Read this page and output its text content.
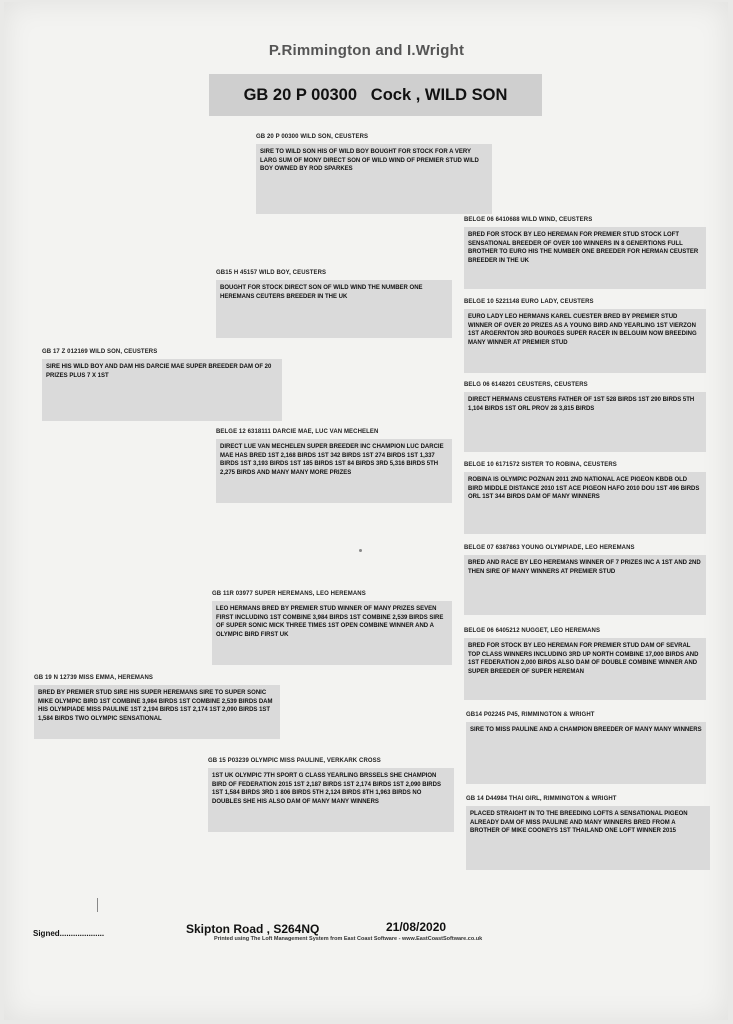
P.Rimmington and I.Wright
GB 20 P 00300   Cock , WILD SON
GB 20 P 00300 WILD SON, CEUSTERS
SIRE TO WILD SON HIS OF WILD BOY BOUGHT FOR STOCK FOR A VERY LARG SUM OF MONY DIRECT SON OF WILD WIND OF PREMIER STUD WILD BOY OWNED BY ROD SPARKES
GB 17 Z 012169 WILD SON, CEUSTERS
SIRE HIS WILD BOY AND DAM HIS DARCIE MAE SUPER BREEDER DAM OF 20 PRIZES PLUS 7 X 1ST
GB 19 N 12739 MISS EMMA, HEREMANS
BRED BY PREMIER STUD SIRE HIS SUPER HEREMANS SIRE TO SUPER SONIC MIKE OLYMPIC BIRD 1ST COMBINE 3,984 BIRDS 1ST COMBINE 2,539 BIRDS DAM HIS OLYMPIADE MISS PAULINE 1ST 2,194 BIRDS 1ST 2,174 1ST 2,090 BIRDS 1ST 1,584 BIRDS TWO OLYMPIC SENSATIONAL
GB15 H 45157 WILD BOY, CEUSTERS
BOUGHT FOR STOCK DIRECT SON OF WILD WIND THE NUMBER ONE HEREMANS CEUTERS BREEDER IN THE UK
BELGE 12 6318111 DARCIE MAE, LUC VAN MECHELEN
DIRECT LUE VAN MECHELEN SUPER BREEDER INC CHAMPION LUC DARCIE MAE HAS BRED 1ST 2,168 BIRDS 1ST 342 BIRDS 1ST 274 BIRDS 1ST 1,337 BIRDS 1ST 3,193 BIRDS 1ST 185 BIRDS 1ST 84 BIRDS 3RD 5,316 BIRDS 5TH 2,275 BIRDS AND MANY MANY MORE PRIZES
GB 11R 03977 SUPER HEREMANS, LEO HEREMANS
LEO HERMANS BRED BY PREMIER STUD WINNER OF MANY PRIZES SEVEN FIRST INCLUDING 1ST COMBINE 3,984 BIRDS 1ST COMBINE 2,539 BIRDS SIRE OF SUPER SONIC MICK THREE TIMES 1ST OPEN COMBINE WINNER AND A OLYMPIC BIRD FIRST UK
GB 15 P03239 OLYMPIC MISS PAULINE, VERKARK CROSS
1ST UK OLYMPIC 7TH SPORT G CLASS YEARLING BRSSELS SHE CHAMPION BIRD OF FEDERATION 2015 1ST 2,187 BIRDS 1ST 2,174 BIRDS 1ST 2,090 BIRDS 1ST 1,584 BIRDS 3RD 1 806 BIRDS 5TH 2,124 BIRDS 8TH 1,963 BIRDS NO DOUBLES SHE HIS ALSO DAM OF MANY MANY WINNERS
BELGE 06 6410688 WILD WIND, CEUSTERS
BRED FOR STOCK BY LEO HEREMAN FOR PREMIER STUD STOCK LOFT SENSATIONAL BREEDER OF OVER 100 WINNERS IN 8 GENERTIONS FULL BROTHER TO EURO HIS THE NUMBER ONE BREEDER FOR HERMAN CEUSTER BREEDER IN THE UK
BELGE 10 5221148 EURO LADY, CEUSTERS
EURO LADY LEO HERMANS KAREL CUESTER BRED BY PREMIER STUD WINNER OF OVER 20 PRIZES AS A YOUNG BIRD AND YEARLING 1ST VIERZON 1ST ARGERNTON 3RD BOURGES SUPER RACER IN BELGUIM NOW BREEDING MANY WINNER AT PREMIER STUD
BELG 06 6148201 CEUSTERS, CEUSTERS
DIRECT HERMANS CEUSTERS FATHER OF 1ST 528 BIRDS 1ST 290 BIRDS 5TH 1,104 BIRDS 1ST ORL PROV 28 3,815 BIRDS
BELGE 10 6171572 SISTER TO ROBINA, CEUSTERS
ROBINA IS OLYMPIC POZNAN 2011 2ND NATIONAL ACE PIGEON KBDB OLD BIRD MIDDLE DISTANCE 2010 1ST ACE PIGEON HAFO 2010 DOU 1ST 496 BIRDS ORL 1ST 344 BIRDS DAM OF MANY WINNERS
BELGE 07 6387863 YOUNG OLYMPIADE, LEO HEREMANS
BRED AND RACE BY LEO HEREMANS WINNER OF 7 PRIZES INC A 1ST AND 2ND THEN SIRE OF MANY WINNERS AT PREMIER STUD
BELGE 06 6405212 NUGGET, LEO HEREMANS
BRED FOR STOCK BY LEO HEREMAN FOR PREMIER STUD DAM OF SEVRAL TOP CLASS WINNERS INCLUDING 3RD UP NORTH COMBINE 17,000 BIRDS AND 1ST FEDERATION 2,000 BIRDS ALSO DAM OF DOUBLE COMBINE WINNER AND SUPER BREEDER OF SUPER HEREMAN
GB14 P02245 P45, RIMMINGTON & WRIGHT
SIRE TO MISS PAULINE AND A CHAMPION BREEDER OF MANY MANY WINNERS
GB 14 D44984 THAI GIRL, RIMMINGTON & WRIGHT
PLACED STRAIGHT IN TO THE BREEDING LOFTS A SENSATIONAL PIGEON ALREADY DAM OF MISS PAULINE AND MANY WINNERS BRED FROM A BROTHER OF MIKE COONEYS 1ST THAILAND ONE LOFT WINNER 2015
Signed....................	Skipton Road , S264NQ	21/08/2020
Printed using The Loft Management System from East Coast Software - www.EastCoastSoftware.co.uk
